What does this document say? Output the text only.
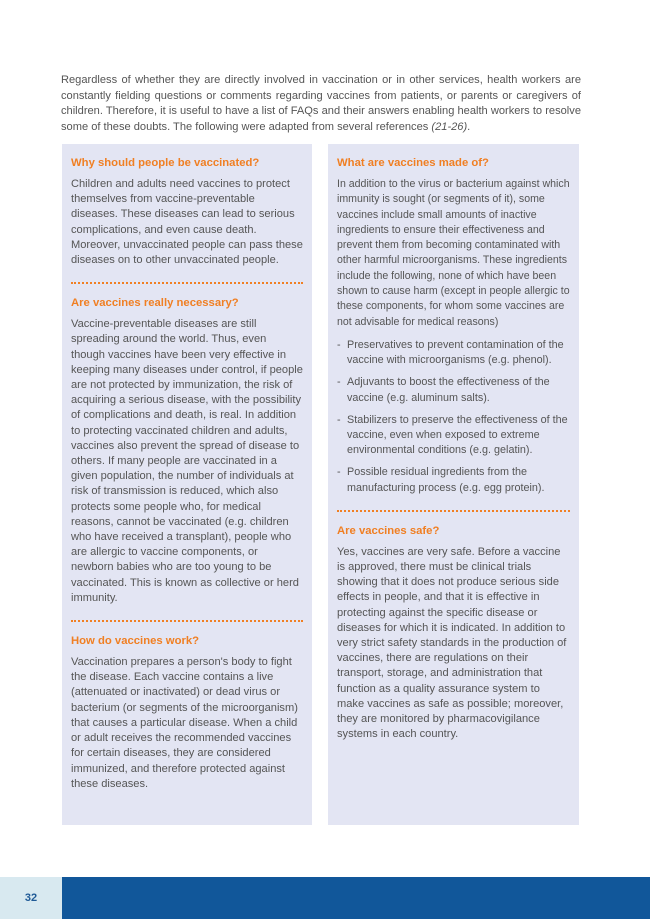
Regardless of whether they are directly involved in vaccination or in other services, health workers are constantly fielding questions or comments regarding vaccines from patients, or parents or caregivers of children. Therefore, it is useful to have a list of FAQs and their answers enabling health workers to resolve some of these doubts. The following were adapted from several references (21-26).

Why should people be vaccinated?

Children and adults need vaccines to protect themselves from vaccine-preventable diseases. These diseases can lead to serious complications, and even cause death. Moreover, unvaccinated people can pass these diseases on to other unvaccinated people.

Are vaccines really necessary?

Vaccine-preventable diseases are still spreading around the world. Thus, even though vaccines have been very effective in keeping many diseases under control, if people are not protected by immunization, the risk of acquiring a serious disease, with the possibility of complications and death, is real. In addition to protecting vaccinated children and adults, vaccines also prevent the spread of disease to others. If many people are vaccinated in a given population, the number of individuals at risk of transmission is reduced, which also protects some people who, for medical reasons, cannot be vaccinated (e.g. children who have received a transplant), people who are allergic to vaccine components, or newborn babies who are too young to be vaccinated. This is known as collective or herd immunity.

How do vaccines work?

Vaccination prepares a person's body to fight the disease. Each vaccine contains a live (attenuated or inactivated) or dead virus or bacterium (or segments of the microorganism) that causes a particular disease. When a child or adult receives the recommended vaccines for certain diseases, they are considered immunized, and therefore protected against these diseases.

What are vaccines made of?

In addition to the virus or bacterium against which immunity is sought (or segments of it), some vaccines include small amounts of inactive ingredients to ensure their effectiveness and prevent them from becoming contaminated with other harmful microorganisms. These ingredients include the following, none of which have been shown to cause harm (except in people allergic to these components, for whom some vaccines are not advisable for medical reasons)

- Preservatives to prevent contamination of the vaccine with microorganisms (e.g. phenol).
- Adjuvants to boost the effectiveness of the vaccine (e.g. aluminum salts).
- Stabilizers to preserve the effectiveness of the vaccine, even when exposed to extreme environmental conditions (e.g. gelatin).
- Possible residual ingredients from the manufacturing process (e.g. egg protein).
Are vaccines safe?

Yes, vaccines are very safe. Before a vaccine is approved, there must be clinical trials showing that it does not produce serious side effects in people, and that it is effective in protecting against the specific disease or diseases for which it is indicated. In addition to very strict safety standards in the production of vaccines, there are regulations on their transport, storage, and administration that function as a quality assurance system to make vaccines as safe as possible; moreover, they are monitored by pharmacovigilance systems in each country.

32
